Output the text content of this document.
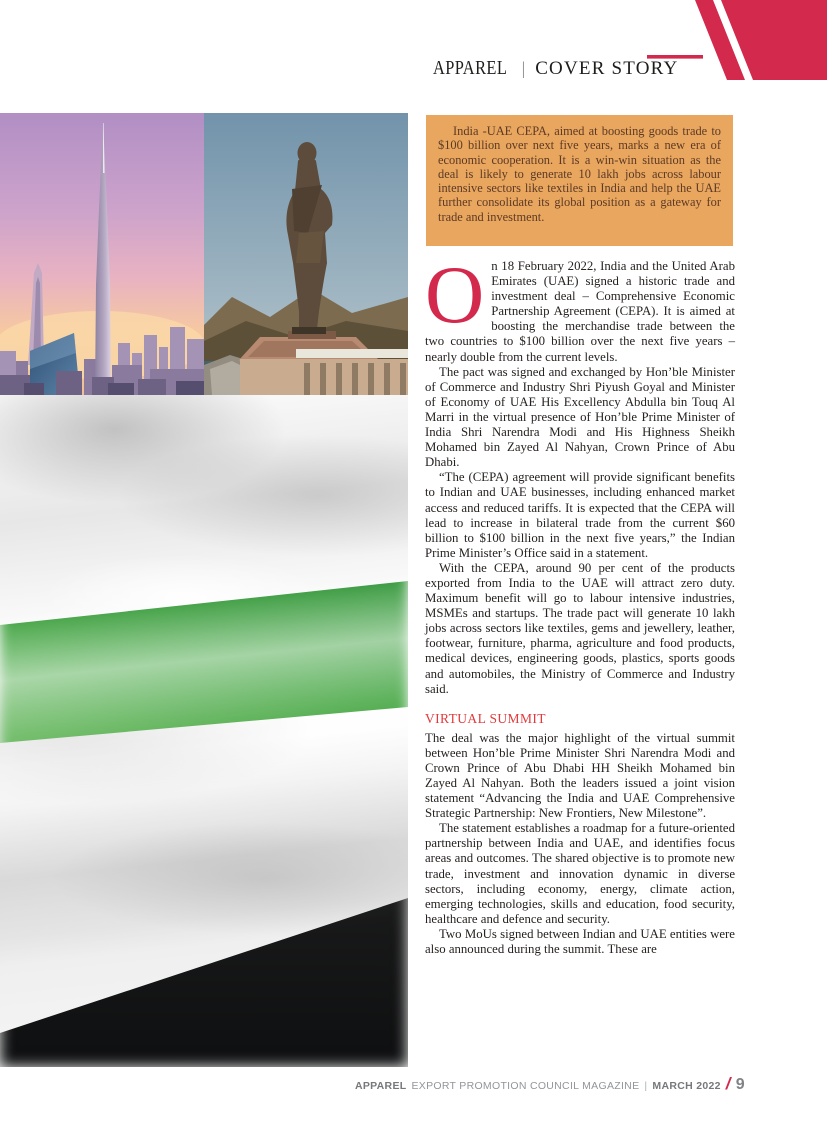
APPAREL | COVER STORY

India -UAE CEPA, aimed at boosting goods trade to $100 billion over next five years, marks a new era of economic cooperation. It is a win-win situation as the deal is likely to generate 10 lakh jobs across labour intensive sectors like textiles in India and help the UAE further consolidate its global position as a gateway for trade and investment.

On 18 February 2022, India and the United Arab Emirates (UAE) signed a historic trade and investment deal – Comprehensive Economic Partnership Agreement (CEPA). It is aimed at boosting the merchandise trade between the two countries to $100 billion over the next five years – nearly double from the current levels.

The pact was signed and exchanged by Hon’ble Minister of Commerce and Industry Shri Piyush Goyal and Minister of Economy of UAE His Excellency Abdulla bin Touq Al Marri in the virtual presence of Hon’ble Prime Minister of India Shri Narendra Modi and His Highness Sheikh Mohamed bin Zayed Al Nahyan, Crown Prince of Abu Dhabi.

“The (CEPA) agreement will provide significant benefits to Indian and UAE businesses, including enhanced market access and reduced tariffs. It is expected that the CEPA will lead to increase in bilateral trade from the current $60 billion to $100 billion in the next five years,” the Indian Prime Minister’s Office said in a statement.

With the CEPA, around 90 per cent of the products exported from India to the UAE will attract zero duty. Maximum benefit will go to labour intensive industries, MSMEs and startups. The trade pact will generate 10 lakh jobs across sectors like textiles, gems and jewellery, leather, footwear, furniture, pharma, agriculture and food products, medical devices, engineering goods, plastics, sports goods and automobiles, the Ministry of Commerce and Industry said.

VIRTUAL SUMMIT

The deal was the major highlight of the virtual summit between Hon’ble Prime Minister Shri Narendra Modi and Crown Prince of Abu Dhabi HH Sheikh Mohamed bin Zayed Al Nahyan. Both the leaders issued a joint vision statement “Advancing the India and UAE Comprehensive Strategic Partnership: New Frontiers, New Milestone”.

The statement establishes a roadmap for a future-oriented partnership between India and UAE, and identifies focus areas and outcomes. The shared objective is to promote new trade, investment and innovation dynamic in diverse sectors, including economy, energy, climate action, emerging technologies, skills and education, food security, healthcare and defence and security.

Two MoUs signed between Indian and UAE entities were also announced during the summit. These are

APPAREL EXPORT PROMOTION COUNCIL MAGAZINE | MARCH 2022 / 9
